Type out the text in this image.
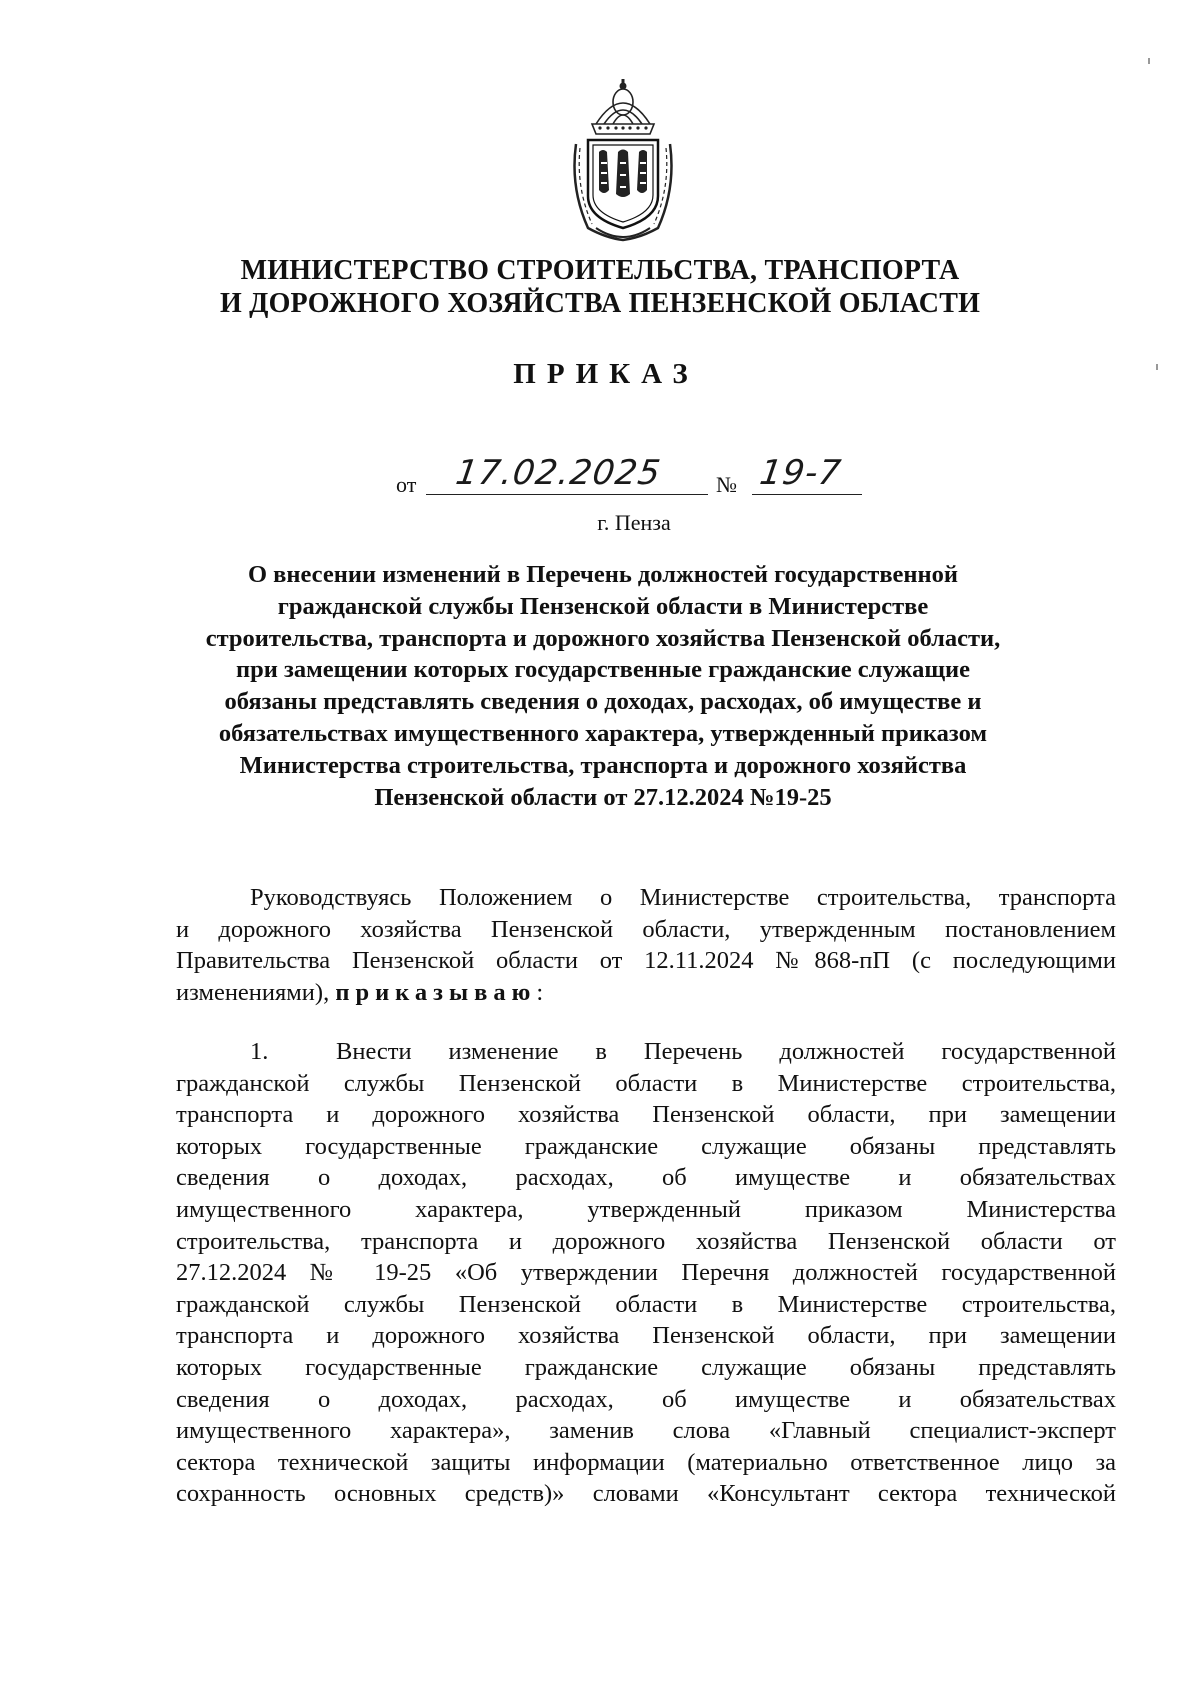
МИНИСТЕРСТВО СТРОИТЕЛЬСТВА, ТРАНСПОРТА
И ДОРОЖНОГО ХОЗЯЙСТВА ПЕНЗЕНСКОЙ ОБЛАСТИ
ПРИКАЗ
от 17.02.2025 № 19-7
г. Пенза
О внесении изменений в Перечень должностей государственной
гражданской службы Пензенской области в Министерстве
строительства, транспорта и дорожного хозяйства Пензенской области,
при замещении которых государственные гражданские служащие
обязаны представлять сведения о доходах, расходах, об имуществе и
обязательствах имущественного характера, утвержденный приказом
Министерства строительства, транспорта и дорожного хозяйства
Пензенской области от 27.12.2024 №19-25
Руководствуясь Положением о Министерстве строительства, транспорта
и дорожного хозяйства Пензенской области, утвержденным постановлением
Правительства Пензенской области от 12.11.2024 №868-пП (с последующими
изменениями), приказываю:
1.	Внести изменение в Перечень должностей государственной
гражданской службы Пензенской области в Министерстве строительства,
транспорта и дорожного хозяйства Пензенской области, при замещении
которых государственные гражданские служащие обязаны представлять
сведения о доходах, расходах, об имуществе и обязательствах
имущественного характера, утвержденный приказом Министерства
строительства, транспорта и дорожного хозяйства Пензенской области от
27.12.2024 № 19-25 «Об утверждении Перечня должностей государственной
гражданской службы Пензенской области в Министерстве строительства,
транспорта и дорожного хозяйства Пензенской области, при замещении
которых государственные гражданские служащие обязаны представлять
сведения о доходах, расходах, об имуществе и обязательствах
имущественного характера», заменив слова «Главный специалист-эксперт
сектора технической защиты информации (материально ответственное лицо за
сохранность основных средств)» словами «Консультант сектора технической
